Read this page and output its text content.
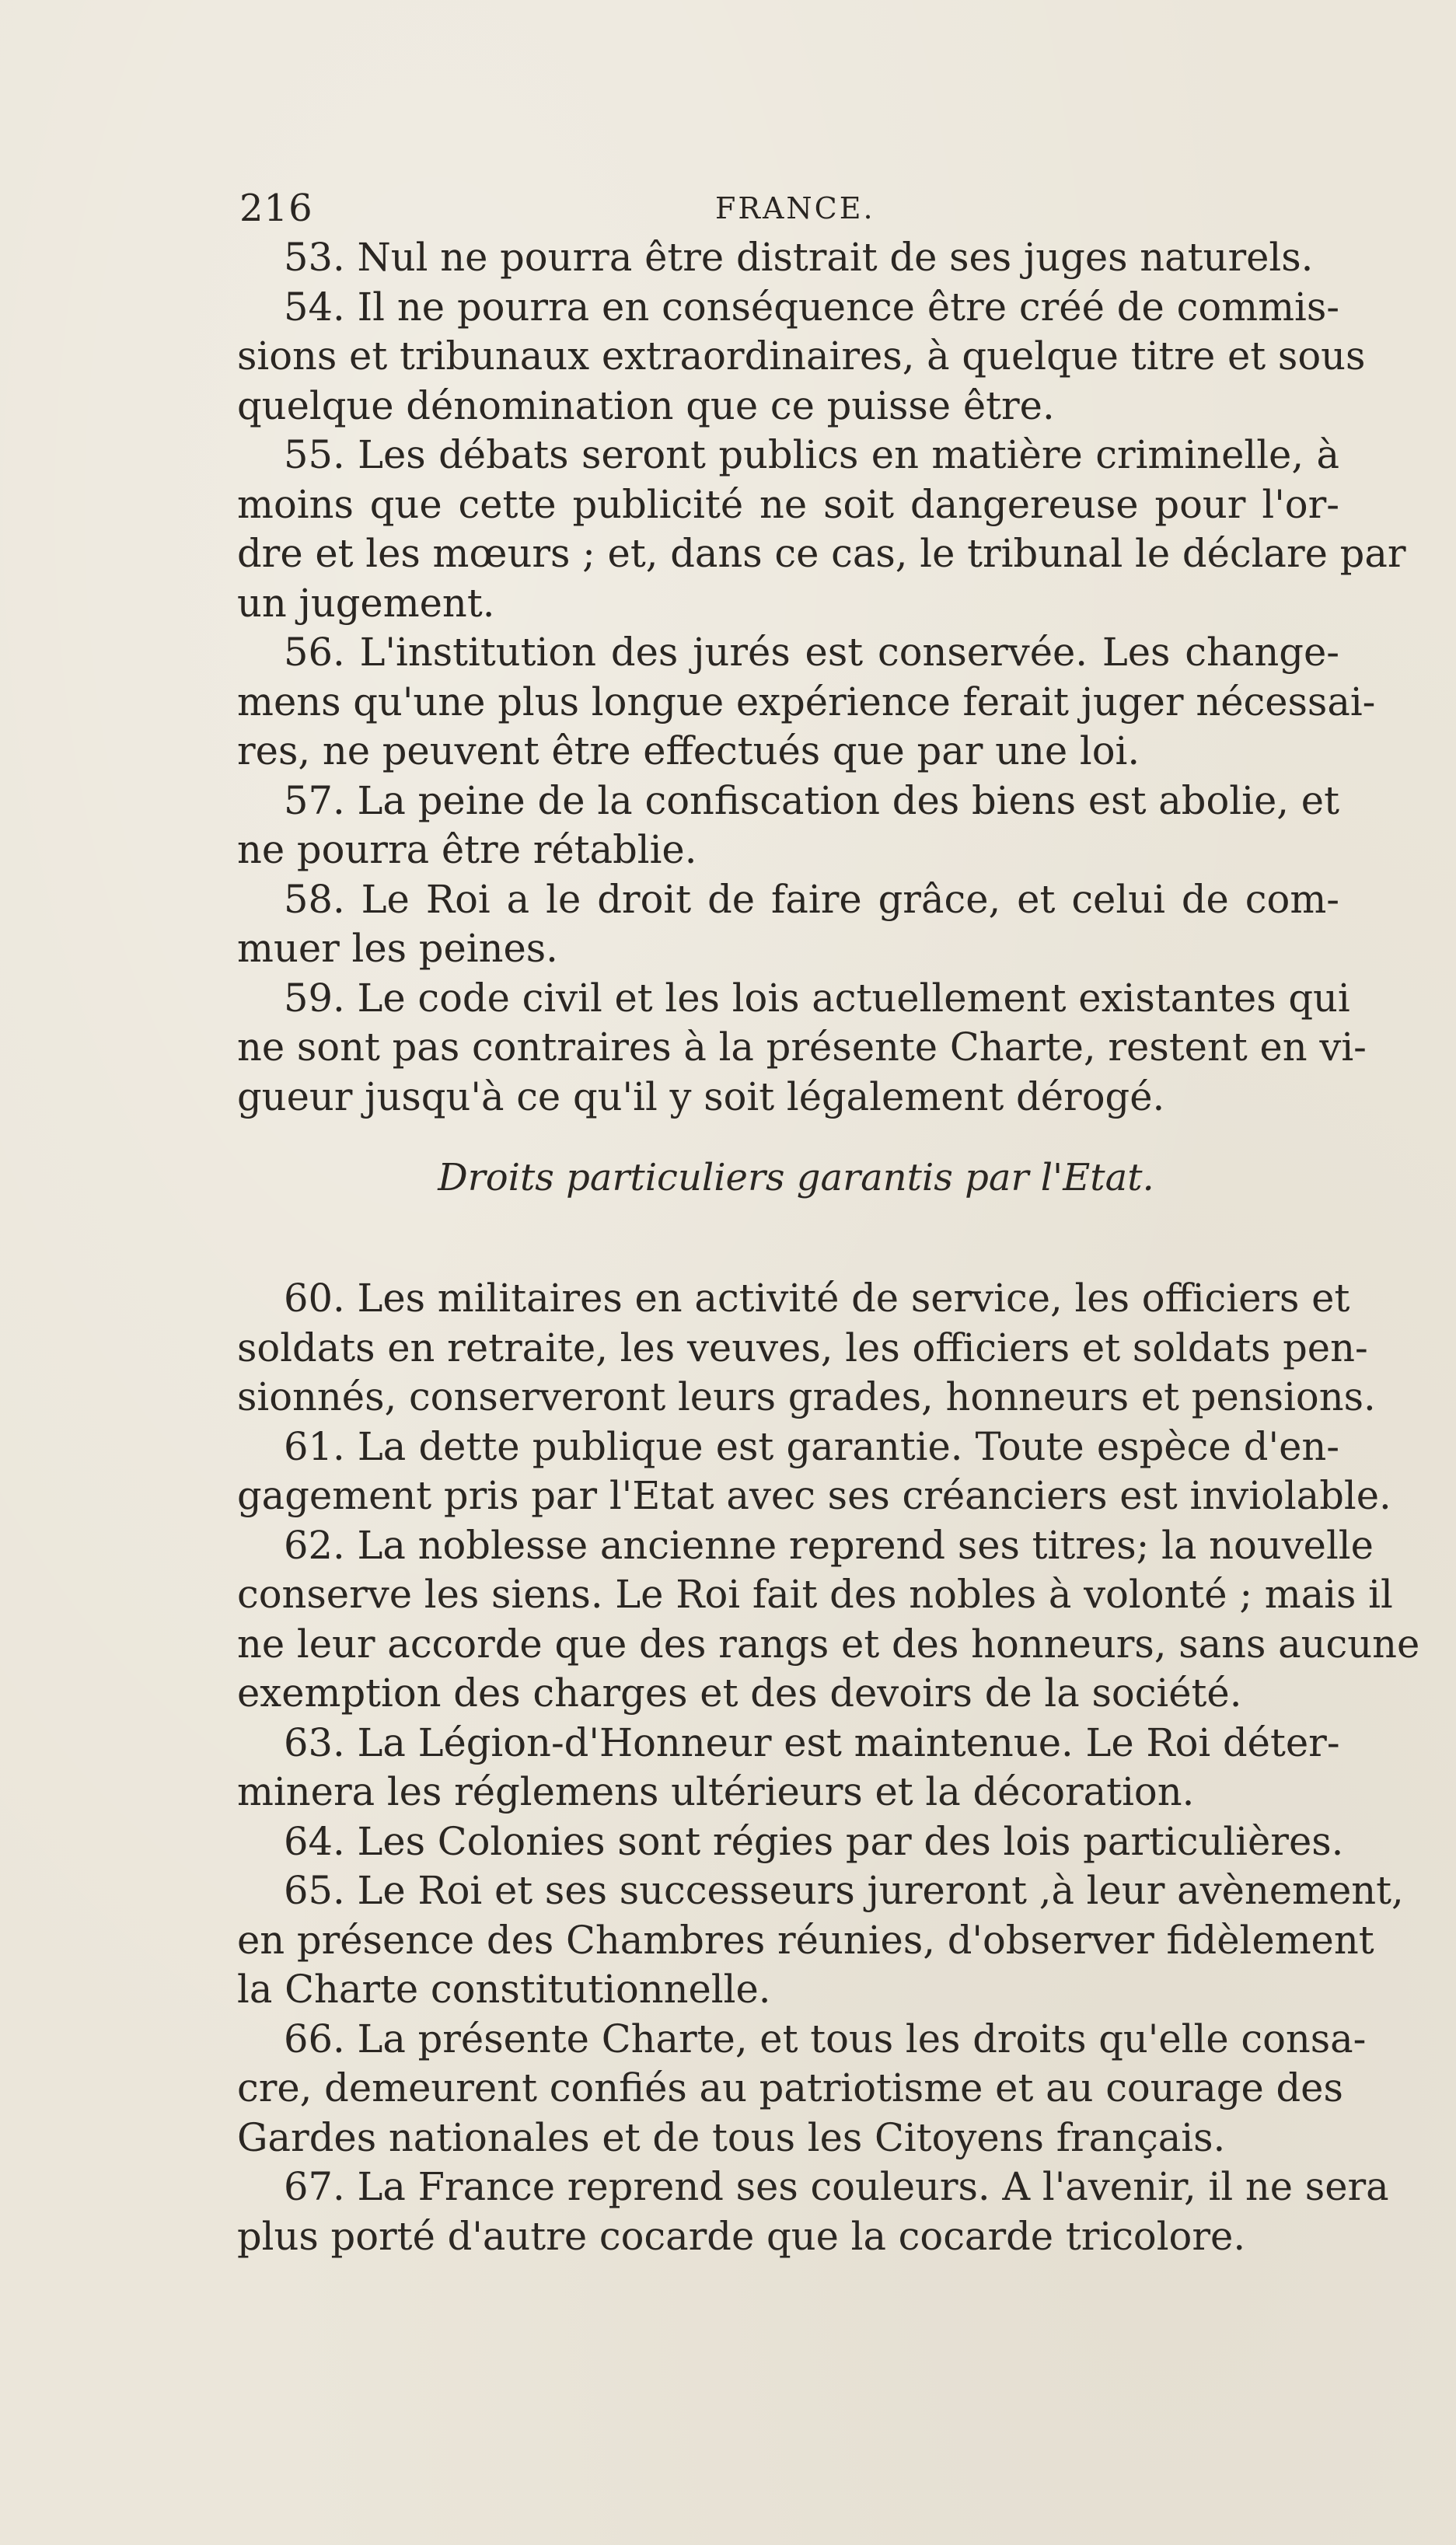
216	FRANCE.
53. Nul ne pourra être distrait de ses juges naturels.
54. Il ne pourra en conséquence être créé de commis-
sions et tribunaux extraordinaires, à quelque titre et sous
quelque dénomination que ce puisse être.
55. Les débats seront publics en matière criminelle, à
moins que cette publicité ne soit dangereuse pour l'or-
dre et les mœurs ; et, dans ce cas, le tribunal le déclare par
un jugement.
56. L'institution des jurés est conservée. Les change-
mens qu'une plus longue expérience ferait juger nécessai-
res, ne peuvent être effectués que par une loi.
57. La peine de la confiscation des biens est abolie, et
ne pourra être rétablie.
58. Le Roi a le droit de faire grâce, et celui de com-
muer les peines.
59. Le code civil et les lois actuellement existantes qui
ne sont pas contraires à la présente Charte, restent en vi-
gueur jusqu'à ce qu'il y soit légalement dérogé.
Droits particuliers garantis par l'Etat.
60. Les militaires en activité de service, les officiers et
soldats en retraite, les veuves, les officiers et soldats pen-
sionnés, conserveront leurs grades, honneurs et pensions.
61. La dette publique est garantie. Toute espèce d'en-
gagement pris par l'Etat avec ses créanciers est inviolable.
62. La noblesse ancienne reprend ses titres; la nouvelle
conserve les siens. Le Roi fait des nobles à volonté ; mais il
ne leur accorde que des rangs et des honneurs, sans aucune
exemption des charges et des devoirs de la société.
63. La Légion-d'Honneur est maintenue. Le Roi déter-
minera les réglemens ultérieurs et la décoration.
64. Les Colonies sont régies par des lois particulières.
65. Le Roi et ses successeurs jureront ,à leur avènement,
en présence des Chambres réunies, d'observer fidèlement
la Charte constitutionnelle.
66. La présente Charte, et tous les droits qu'elle consa-
cre, demeurent confiés au patriotisme et au courage des
Gardes nationales et de tous les Citoyens français.
67. La France reprend ses couleurs. A l'avenir, il ne sera
plus porté d'autre cocarde que la cocarde tricolore.
